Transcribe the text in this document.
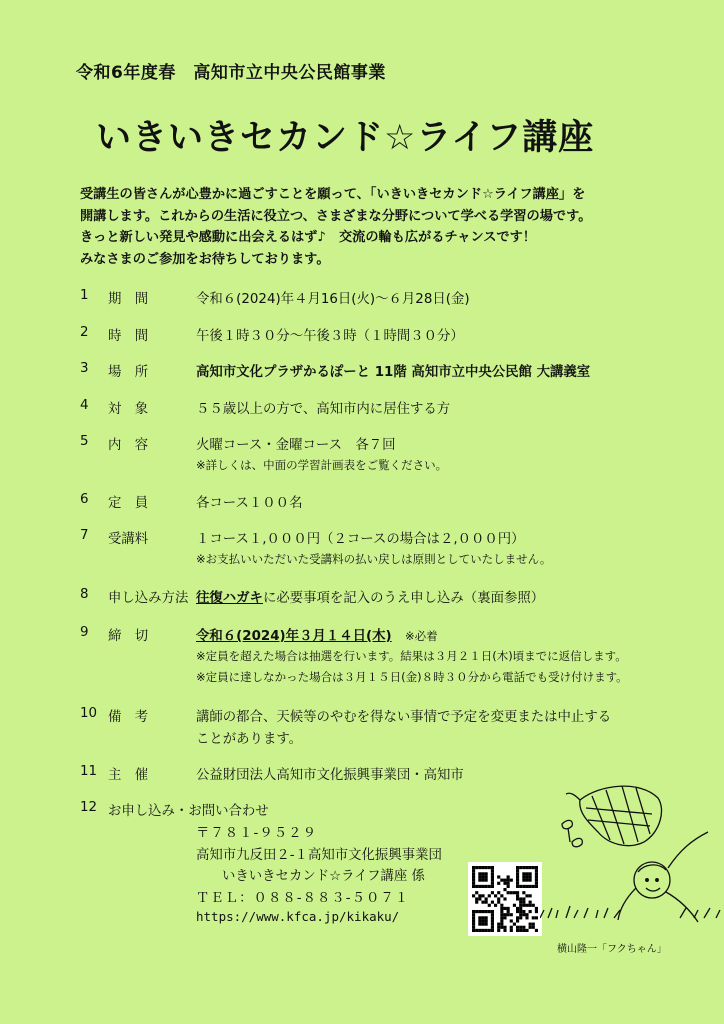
令和6年度春　高知市立中央公民館事業
いきいきセカンド☆ライフ講座
受講生の皆さんが心豊かに過ごすことを願って、「いきいきセカンド☆ライフ講座」を
開講します。これからの生活に役立つ、さまざまな分野について学べる学習の場です。
きっと新しい発見や感動に出会えるはず♪　交流の輪も広がるチャンスです！
みなさまのご参加をお待ちしております。
1	期　間	令和６(2024)年４月16日(火)～６月28日(金)
2	時　間	午後１時３０分～午後３時（１時間３０分）
3	場　所	高知市文化プラザかるぽーと 11階 高知市立中央公民館 大講義室
4	対　象	５５歳以上の方で、高知市内に居住する方
5	内　容	火曜コース・金曜コース　各７回
※詳しくは、中面の学習計画表をご覧ください。
6	定　員	各コース１００名
7	受講料	１コース１,０００円（２コースの場合は２,０００円）
※お支払いいただいた受講料の払い戻しは原則としていたしません。
8	申し込み方法 往復ハガキに必要事項を記入のうえ申し込み（裏面参照）
9	締　切	令和６(2024)年３月１４日(木)　 ※必着
※定員を超えた場合は抽選を行います。結果は３月２１日(木)頃までに返信します。
※定員に達しなかった場合は３月１５日(金)８時３０分から電話でも受け付けます。
10 備　考	講師の都合、天候等のやむを得ない事情で予定を変更または中止する
ことがあります。
11 主　催	公益財団法人高知市文化振興事業団・高知市
12 お申し込み・お問い合わせ
〒７８１-９５２９
高知市九反田２-１高知市文化振興事業団
いきいきセカンド☆ライフ講座 係
ＴＥＬ：０８８-８８３-５０７１
https://www.kfca.jp/kikaku/
横山隆一「フクちゃん」
